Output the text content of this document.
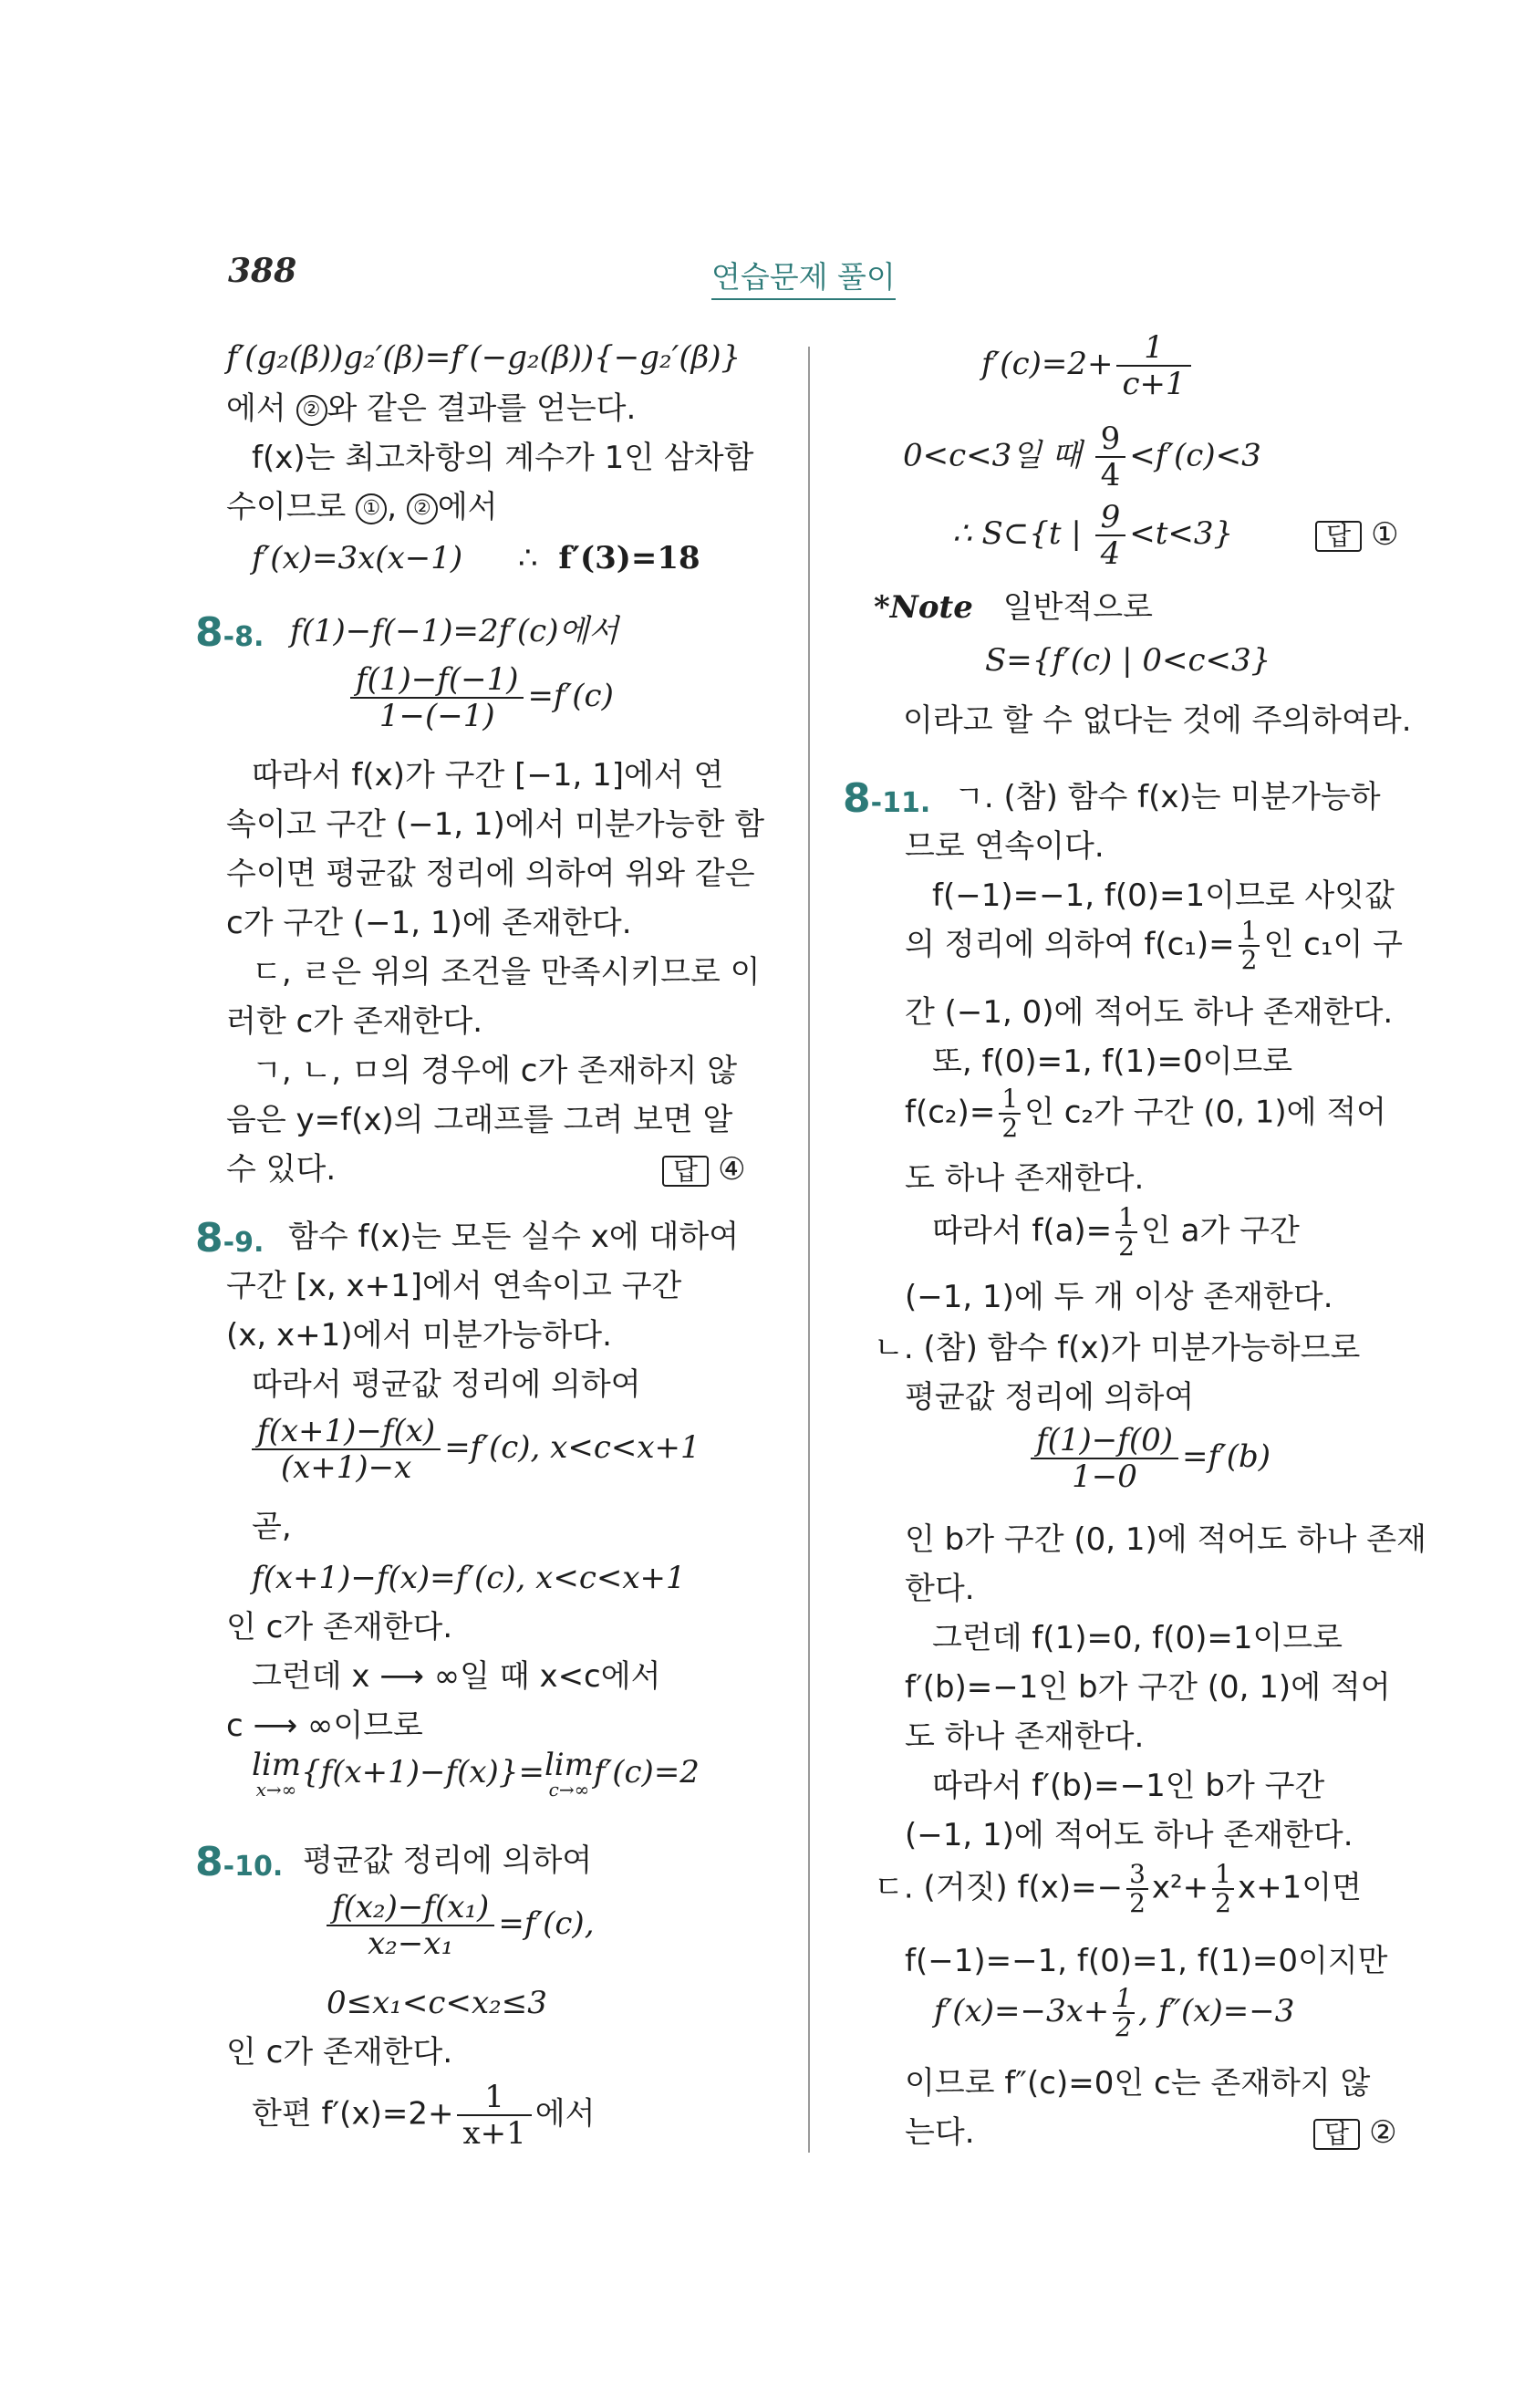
388	연습문제 풀이
f′(g₂(β))g₂′(β)=f′(−g₂(β)){−g₂′(β)}
에서 ② 와 같은 결과를 얻는다.
f(x)는 최고차항의 계수가 1인 삼차함
수이므로 ① , ② 에서
f′(x)=3x(x−1) ∴ f′(3)=18
8-8. f(1)−f(−1)=2f′(c)에서
$\frac{f(1)-f(-1)}{1-(-1)} =f'(c)$
따라서 f(x)가 구간 [−1, 1]에서 연
속이고 구간 (−1, 1)에서 미분가능한 함
수이면 평균값 정리에 의하여 위와 같은
c가 구간 (−1, 1)에 존재한다.
ㄷ, ㄹ은 위의 조건을 만족시키므로 이
러한 c가 존재한다.
ㄱ, ㄴ, ㅁ의 경우에 c가 존재하지 않
음은 y=f(x)의 그래프를 그려 보면 알
수 있다.	답 ④
8-9. 함수 f(x)는 모든 실수 x에 대하여
구간 [x, x+1]에서 연속이고 구간
(x, x+1)에서 미분가능하다.
따라서 평균값 정리에 의하여
$\frac{f(x+1)-f(x)}{(x+1)-x} =f'(c)$, x<c<x+1
곧,
f(x+1)−f(x)=f′(c), x<c<x+1
인 c가 존재한다.
그런데 x ⟶ ∞일 때 x<c에서
c ⟶ ∞이므로
lim
x→∞ {f(x+1)−f(x)}= lim
c→∞ f′(c)=2
8-10. 평균값 정리에 의하여
$\frac{\text{f(x₂)−f(x₁)}}{\text{x₂−x₁}} =f'(c)$,
0≤x₁<c<x₂≤3
인 c가 존재한다.
한편 $f'(x)=2+ \frac{1}{x+1}$ 에서
$f'(c)=2+ \frac{1}{c+1}$
0<c<3일 때 $\frac{9}{4} <f'(c)<3$
∴ S⊂{t | $\frac{9}{4} <t<3$}	답 ①
*Note 일반적으로
S={f′(c) | 0<c<3}
이라고 할 수 없다는 것에 주의하여라.
8-11. ㄱ. (참) 함수 f(x)는 미분가능하
므로 연속이다.
f(−1)=−1, f(0)=1이므로 사잇값
의 정리에 의하여 $f(c_1)= \frac{1}{2}$ 인 c₁이 구
간 (−1, 0)에 적어도 하나 존재한다.
또, f(0)=1, f(1)=0이므로
$f(c_2)= \frac{1}{2}$ 인 c₂가 구간 (0, 1)에 적어
도 하나 존재한다.
따라서 $f(a)= \frac{1}{2}$ 인 a가 구간
(−1, 1)에 두 개 이상 존재한다.
ㄴ. (참) 함수 f(x)가 미분가능하므로
평균값 정리에 의하여
$\frac{f(1)-f(0)}{1-0} =f'(b)$
인 b가 구간 (0, 1)에 적어도 하나 존재
한다.
그런데 f(1)=0, f(0)=1이므로
f′(b)=−1인 b가 구간 (0, 1)에 적어
도 하나 존재한다.
따라서 f′(b)=−1인 b가 구간
(−1, 1)에 적어도 하나 존재한다.
ㄷ. (거짓) $f(x)=- \frac{3}{2} x^2+ \frac{1}{2} x+1$이면
f(−1)=−1, f(0)=1, f(1)=0이지만
$f'(x)=-3x+ \frac{1}{2}$ , f″(x)=−3
이므로 f″(c)=0인 c는 존재하지 않
는다.	답 ②
